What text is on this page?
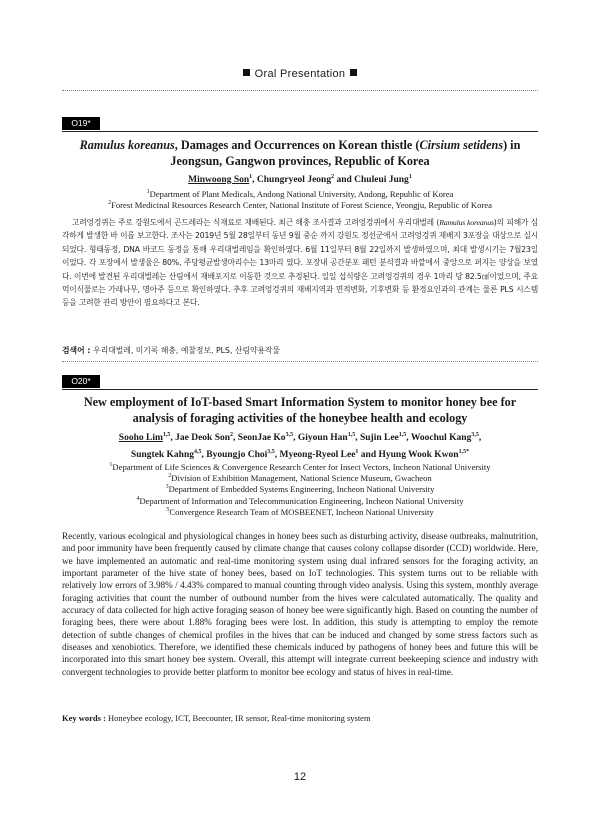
Oral Presentation
O19*
Ramulus koreanus, Damages and Occurrences on Korean thistle (Cirsium setidens) in Jeongsun, Gangwon provinces, Republic of Korea
Minwoong Son$^1$, Chungryeol Jeong$^2$ and Chuleui Jung$^1$
$^1$Department of Plant Medicals, Andong National University, Andong, Republic of Korea
$^2$Forest Medicinal Resources Research Center, National Institute of Forest Science, Yeongju, Republic of Korea
고려엉겅퀴는 주로 강원도에서 곤드레라는 식재료로 재배된다. 최근 해충 조사결과 고려엉겅퀴에서 우리대벌레 (Ramulus koreanus)의 피해가 심각하게 발생한 바 이를 보고한다. 조사는 2019년 5월 28일부터 동년 9월 중순 까지 강원도 정선군에서 고려엉겅퀴 재배지 3포장을 대상으로 실시되었다. 형태동정, DNA 바코드 동정을 통해 우리대벌레임을 확인하였다. 6월 11일부터 8월 22일까지 발생하였으며, 최대 발생시기는 7월23일 이었다. 각 포장에서 발생율은 80%, 주당평균발생마리수는 13마리 였다. 포장내 공간분포 패턴 분석결과 바깥에서 중앙으로 퍼지는 양상을 보였다. 이번에 발견된 우리대벌레는 산림에서 재배포지로 이동한 것으로 추정된다. 일일 섭식량은 고려엉겅퀴의 경우 1마리 당 82.5㎠이었으며, 주요 먹이식물로는 가래나무, 명아주 등으로 확인하였다. 추후 고려엉겅퀴의 재배지역과 면적변화, 기후변화 등 환경요인과의 관계는 물론 PLS 시스템 등을 고려한 관리 방안이 필요하다고 본다.
검색어 : 우리대벌레, 미기록 해충, 예찰정보, PLS, 산림약용작물
O20*
New employment of IoT-based Smart Information System to monitor honey bee for analysis of foraging activities of the honeybee health and ecology
Sooho Lim$^{1,5}$, Jae Deok Son$^2$, SeonJae Ko$^{3,5}$, Giyoun Han$^{1,5}$, Sujin Lee$^{1,5}$, Woochul Kang$^{3,5}$,
Sungtek Kahng$^{4,5}$, Byoungjo Choi$^{3,5}$, Myeong-Ryeol Lee$^1$ and Hyung Wook Kwon$^{1,5*}$
$^1$Department of Life Sciences & Convergence Research Center for Insect Vectors, Incheon National University
$^2$Division of Exhibition Management, National Science Museum, Gwacheon
$^3$Department of Embedded Systems Engineering, Incheon National University
$^4$Department of Information and Telecommunication Engineering, Incheon National University
$^5$Convergence Research Team of MOSBEENET, Incheon National University
Recently, various ecological and physiological changes in honey bees such as disturbing activity, disease outbreaks, malnutrition, and poor immunity have been frequently caused by climate change that causes colony collapse disorder (CCD) worldwide. Here, we have implemented an automatic and real-time monitoring system using dual infrared sensors for the foraging activity, an important parameter of the hive state of honey bees, based on IoT technologies. This system turns out to be reliable with relatively low errors of 3.98% / 4.43% compared to manual counting through video analysis. Using this system, monthly average foraging activities that count the number of outbound number from the hives were calculated automatically. The quality and accuracy of data collected for high active foraging season of honey bee were significantly high. Based on counting the number of foraging bees, there were about 1.88% foraging bees were lost. In addition, this study is attempting to employ the remote detection of subtle changes of chemical profiles in the hives that can be induced and changed by some stress factors such as diseases and xenobiotics. Therefore, we identified these chemicals induced by pathogens of honey bees and future this will be incorporated into this smart honey bee system. Overall, this attempt will integrate current beekeeping science and industry with convergent technologies to provide better platform to monitor bee ecology and status of hives in real-time.
Key words : Honeybee ecology, ICT, Beecounter, IR sensor, Real-time monitoring system
12
